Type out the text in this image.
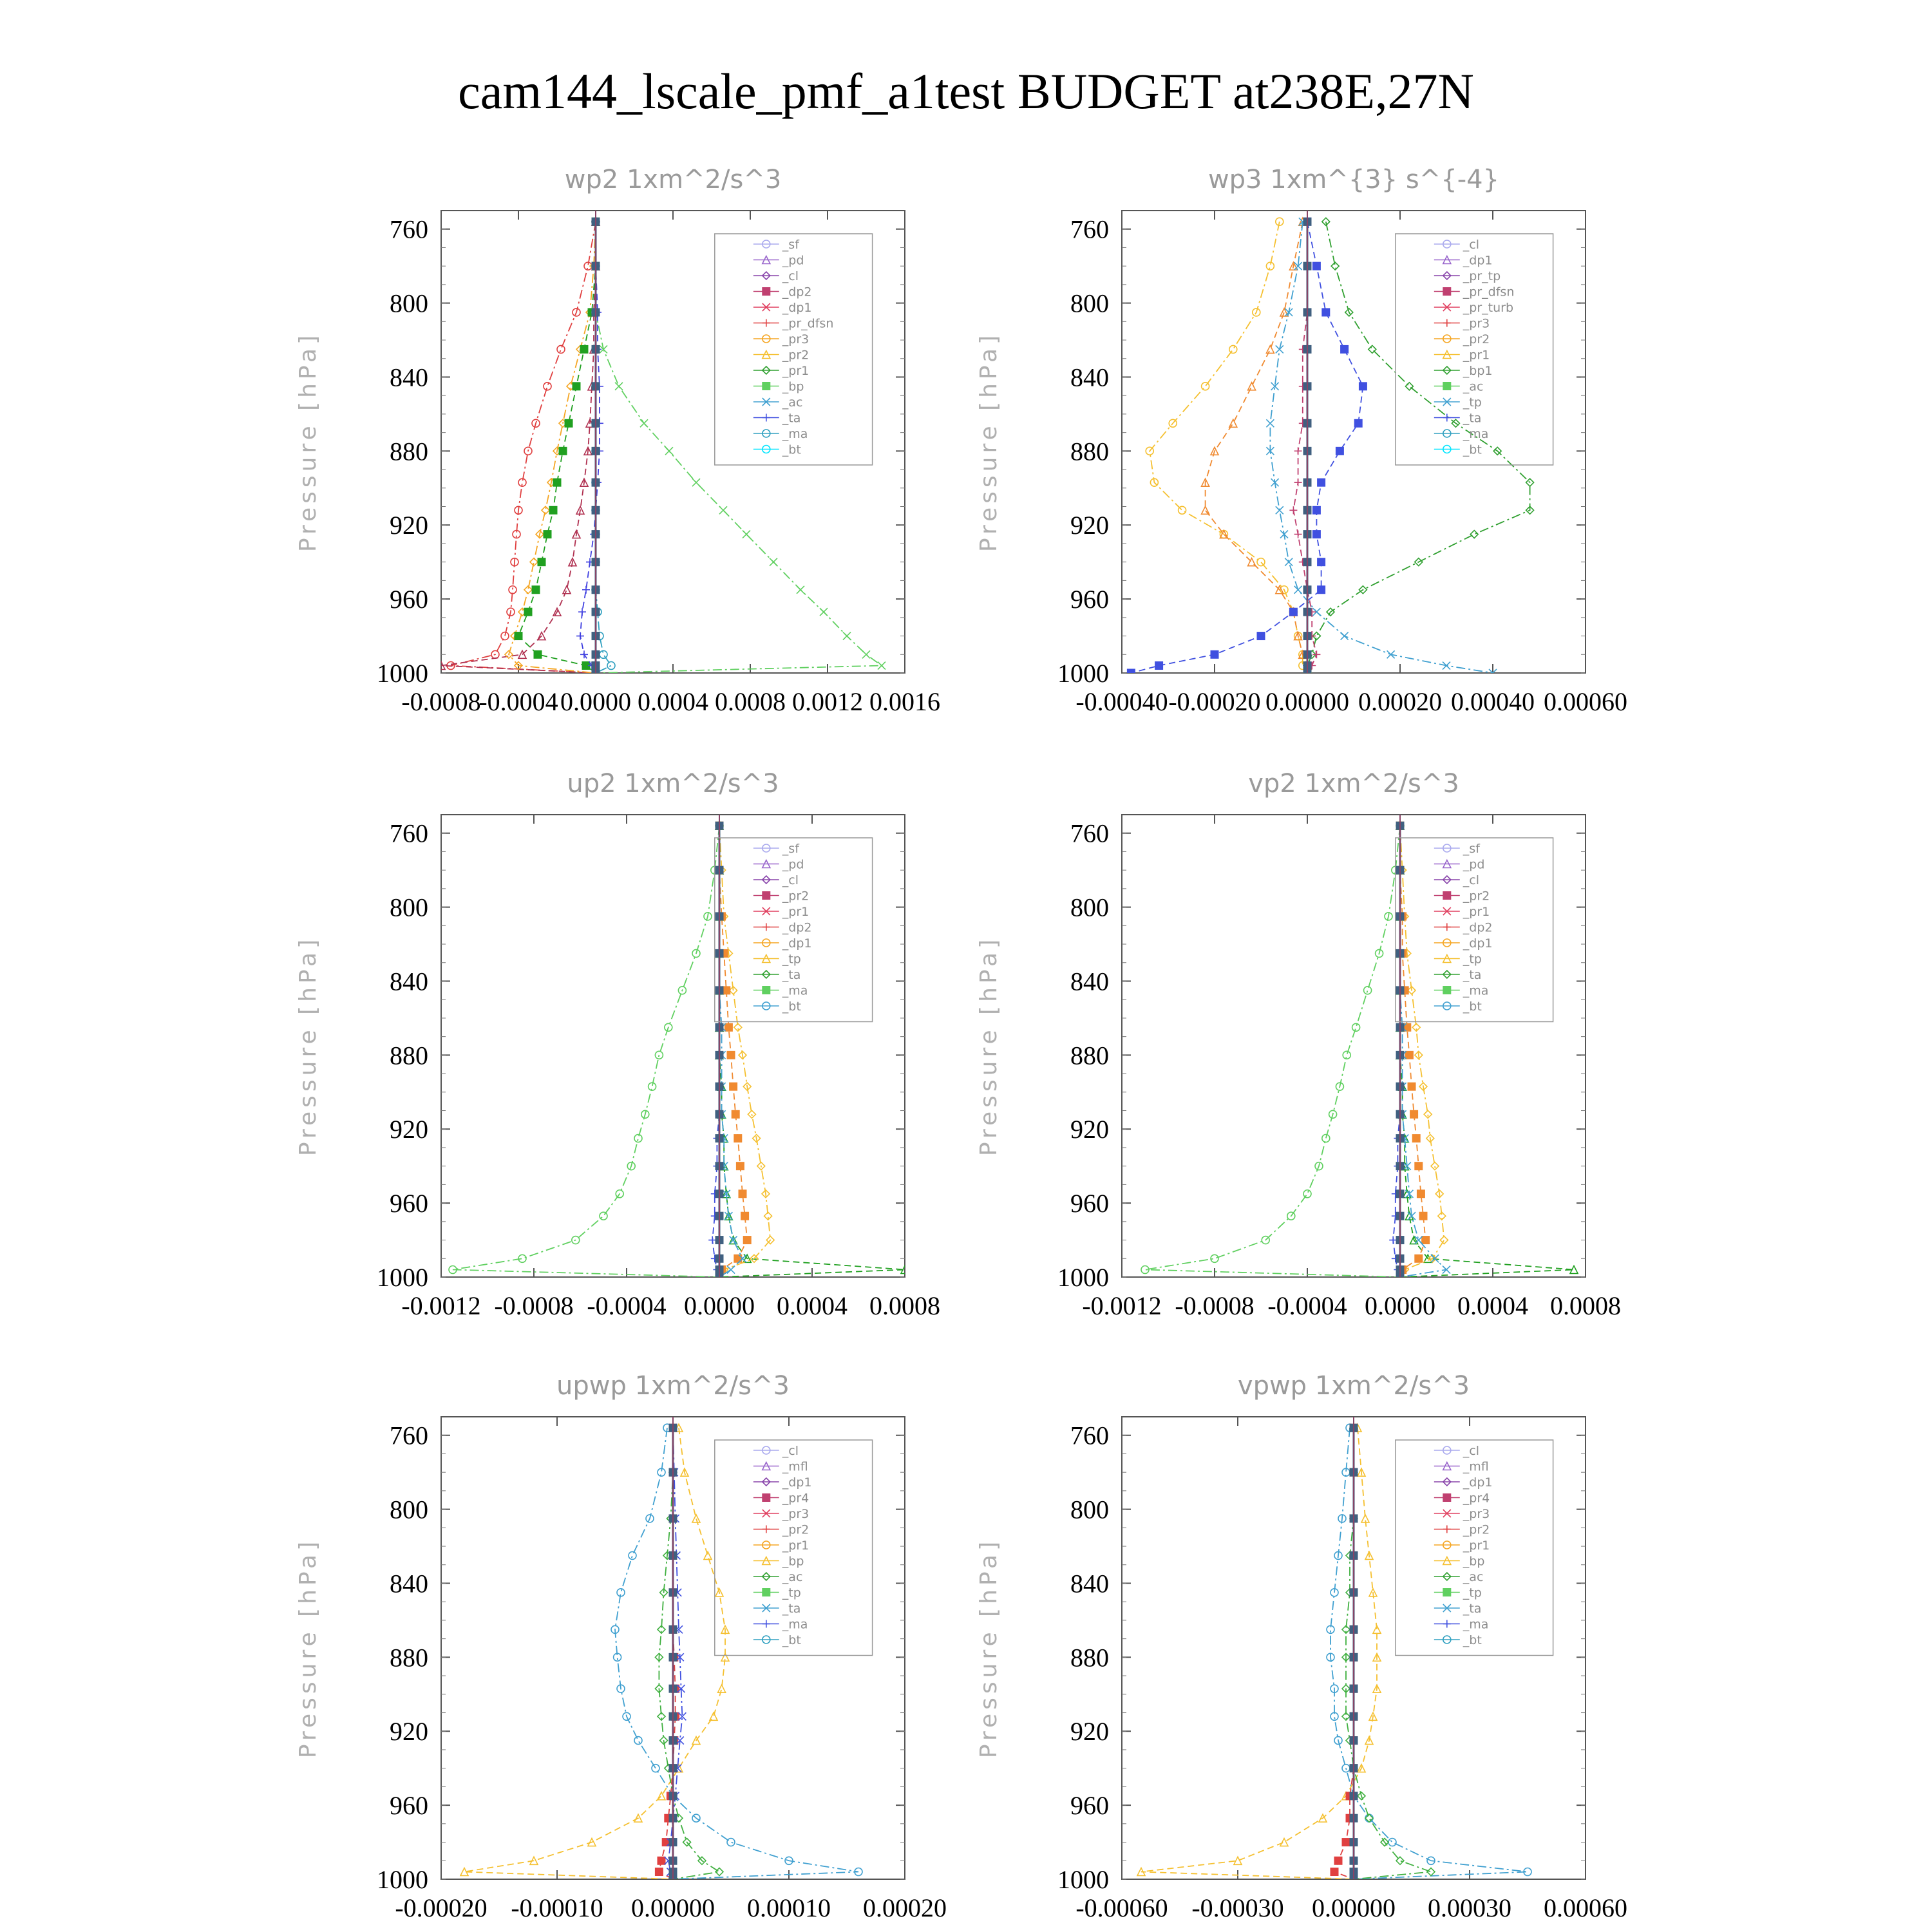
cam144_lscale_pmf_a1test BUDGET at238E,27N
wp2 1xm^2/s^3
Pressure [hPa]
760
800
840
880
920
960
1000
-0.0008
-0.0004 0.0000 0.0004 0.0008 0.0012 0.0016
_sf
_pd
_cl
_dp2
_dp1
_pr_dfsn
_pr3
_pr2
_pr1
_bp
_ac
_ta
_ma
_bt
wp3 1xm^{3} s^{-4}
Pressure [hPa]
760
800
840
880
920
960
1000
-0.00040 -0.00020 0.00000 0.00020 0.00040 0.00060
_cl
_dp1
_pr_tp
_pr_dfsn
_pr_turb
_pr3
_pr2
_pr1
_bp1
_ac
_tp
_ta
_ma
_bt
up2 1xm^2/s^3
Pressure [hPa]
760
800
840
880
920
960
1000
-0.0012 -0.0008 -0.0004 0.0000 0.0004 0.0008
_sf
_pd
_cl
_pr2
_pr1
_dp2
_dp1
_tp
_ta
_ma
_bt
vp2 1xm^2/s^3
Pressure [hPa]
760
800
840
880
920
960
1000
-0.0012 -0.0008 -0.0004 0.0000 0.0004 0.0008
_sf
_pd
_cl
_pr2
_pr1
_dp2
_dp1
_tp
_ta
_ma
_bt
upwp 1xm^2/s^3
Pressure [hPa]
760
800
840
880
920
960
1000
-0.00020 -0.00010 0.00000 0.00010 0.00020
_cl
_mfl
_dp1
_pr4
_pr3
_pr2
_pr1
_bp
_ac
_tp
_ta
_ma
_bt
vpwp 1xm^2/s^3
Pressure [hPa]
760
800
840
880
920
960
1000
-0.00060 -0.00030 0.00000 0.00030 0.00060
_cl
_mfl
_dp1
_pr4
_pr3
_pr2
_pr1
_bp
_ac
_tp
_ta
_ma
_bt
